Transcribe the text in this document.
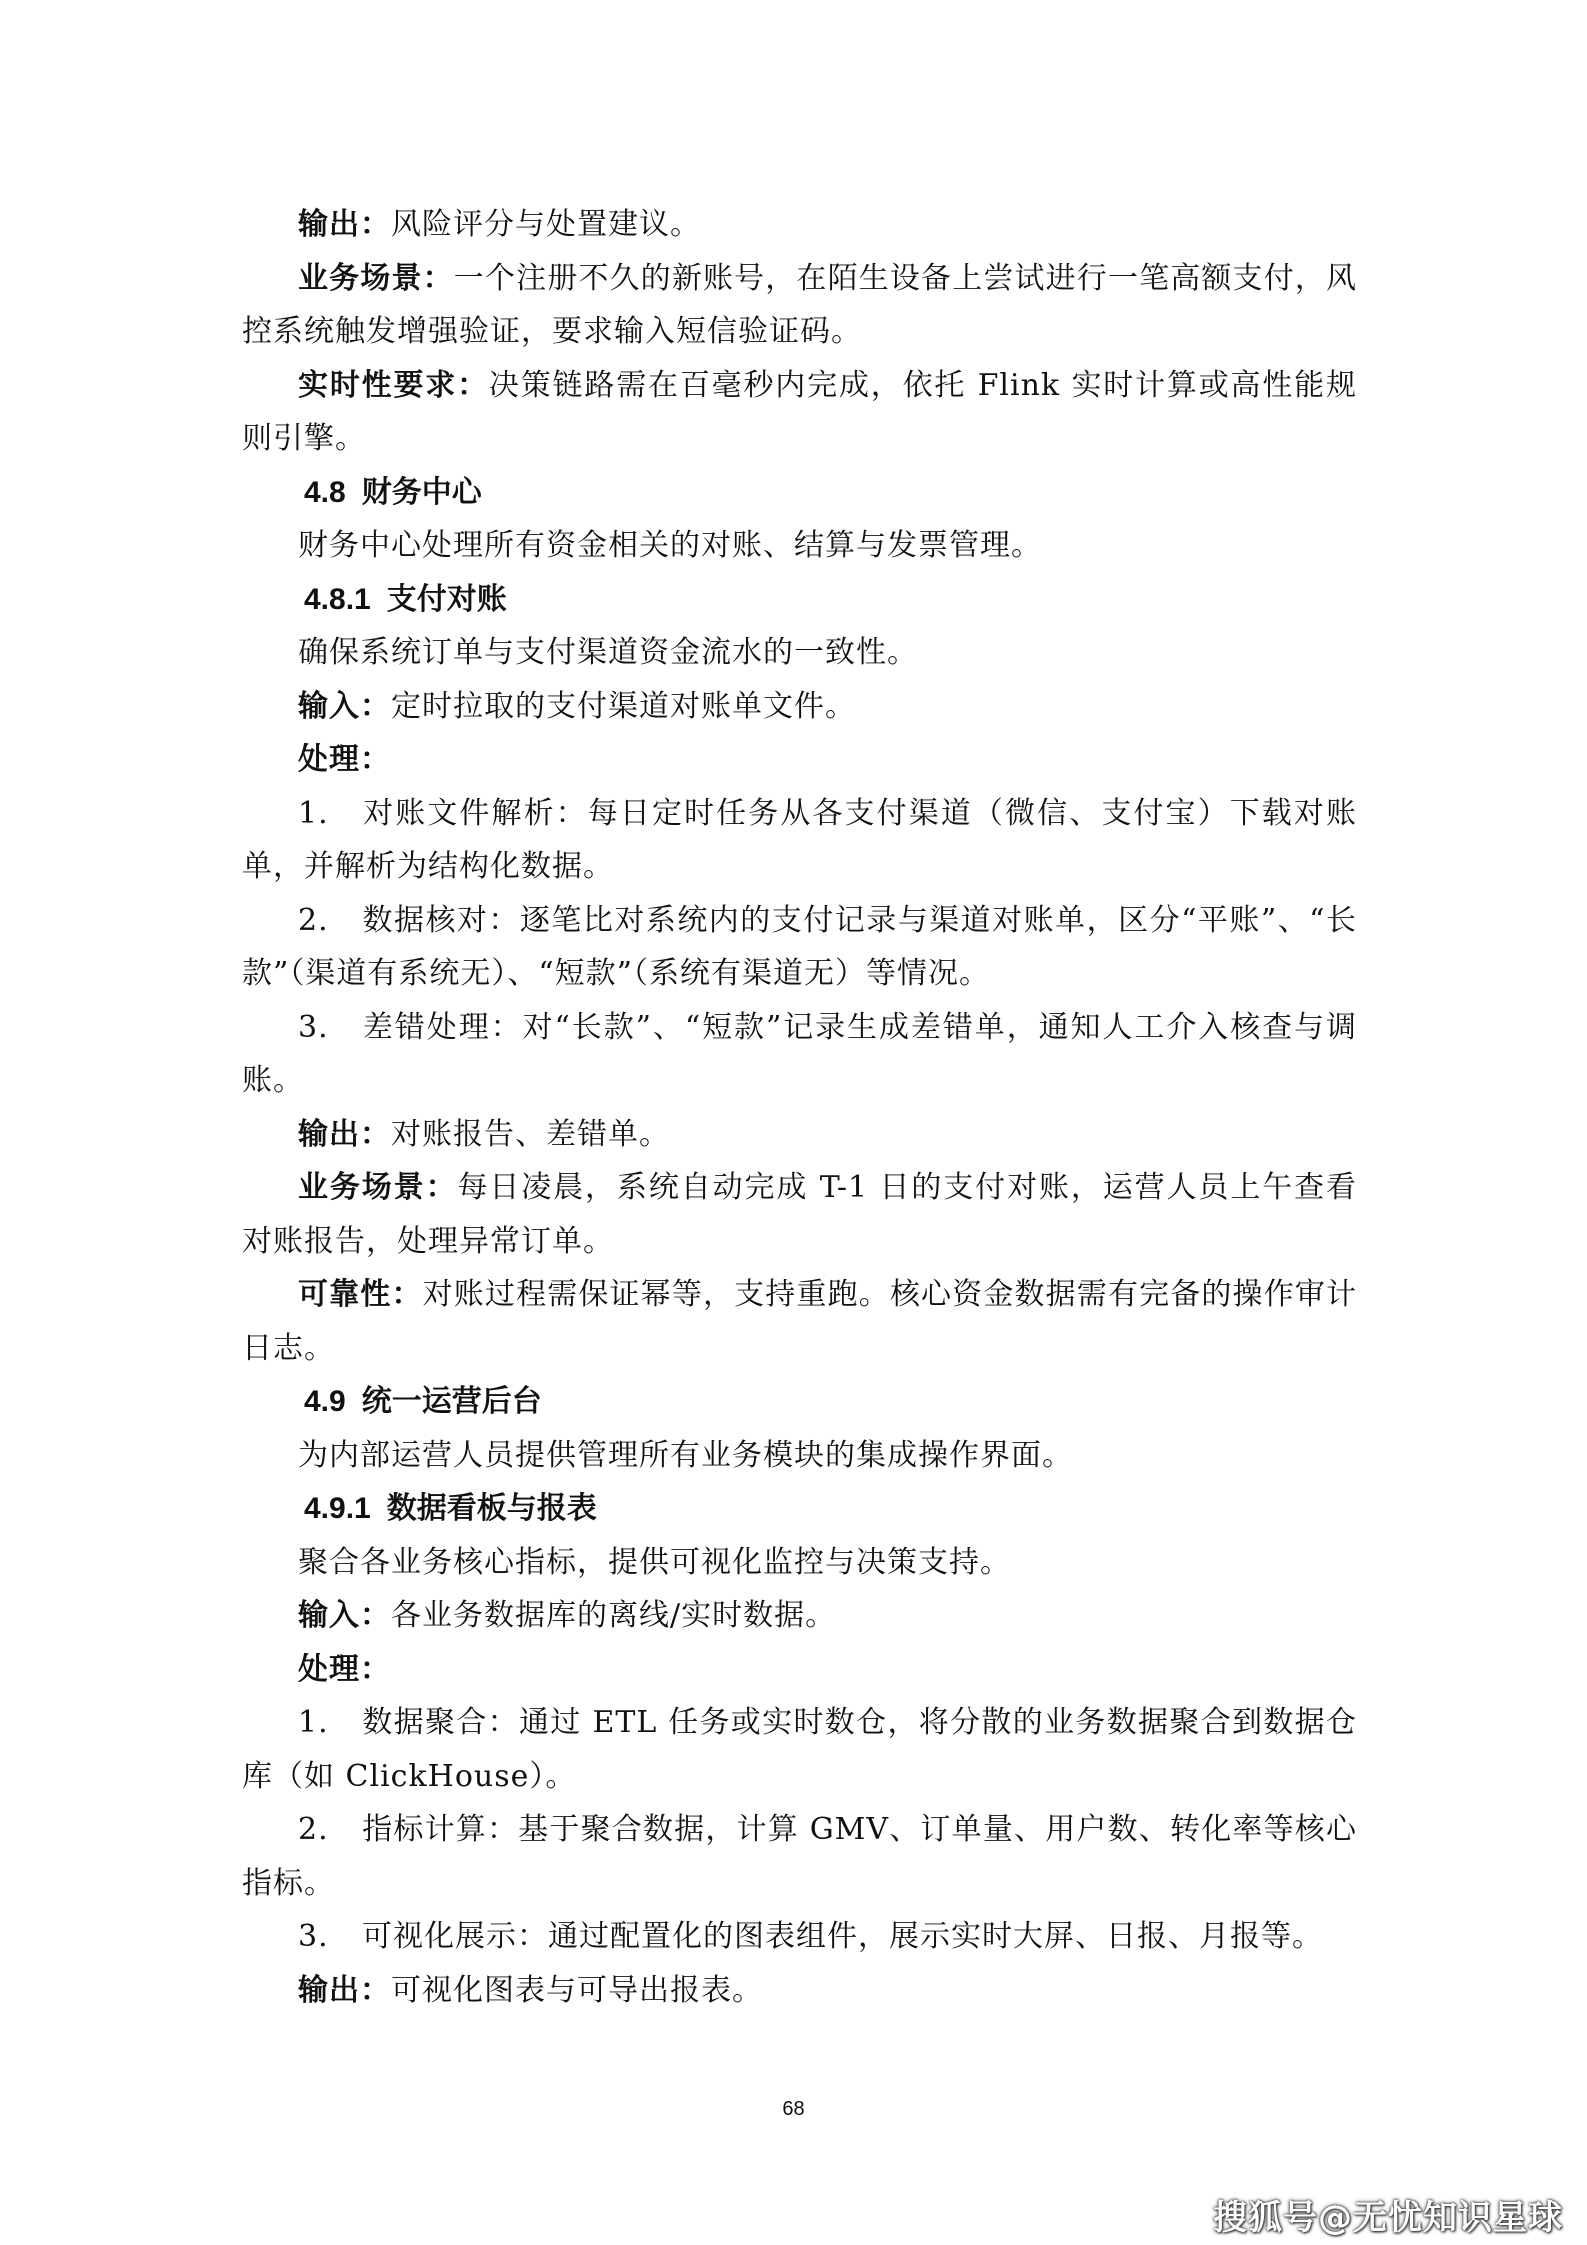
输出：风险评分与处置建议。

业务场景：一个注册不久的新账号，在陌生设备上尝试进行一笔高额支付，风控系统触发增强验证，要求输入短信验证码。

实时性要求：决策链路需在百毫秒内完成，依托 Flink 实时计算或高性能规则引擎。

4.8 财务中心

财务中心处理所有资金相关的对账、结算与发票管理。

4.8.1 支付对账

确保系统订单与支付渠道资金流水的一致性。

输入：定时拉取的支付渠道对账单文件。

处理：

1. 对账文件解析：每日定时任务从各支付渠道（微信、支付宝）下载对账单，并解析为结构化数据。

2. 数据核对：逐笔比对系统内的支付记录与渠道对账单，区分“平账”、“长款”（渠道有系统无）、“短款”（系统有渠道无）等情况。

3. 差错处理：对“长款”、“短款”记录生成差错单，通知人工介入核查与调账。

输出：对账报告、差错单。

业务场景：每日凌晨，系统自动完成 T-1 日的支付对账，运营人员上午查看对账报告，处理异常订单。

可靠性：对账过程需保证幂等，支持重跑。核心资金数据需有完备的操作审计日志。

4.9 统一运营后台

为内部运营人员提供管理所有业务模块的集成操作界面。

4.9.1 数据看板与报表

聚合各业务核心指标，提供可视化监控与决策支持。

输入：各业务数据库的离线/实时数据。

处理：

1. 数据聚合：通过 ETL 任务或实时数仓，将分散的业务数据聚合到数据仓库（如 ClickHouse）。

2. 指标计算：基于聚合数据，计算 GMV、订单量、用户数、转化率等核心指标。

3. 可视化展示：通过配置化的图表组件，展示实时大屏、日报、月报等。

输出：可视化图表与可导出报表。

68
搜狐号@无忧知识星球
